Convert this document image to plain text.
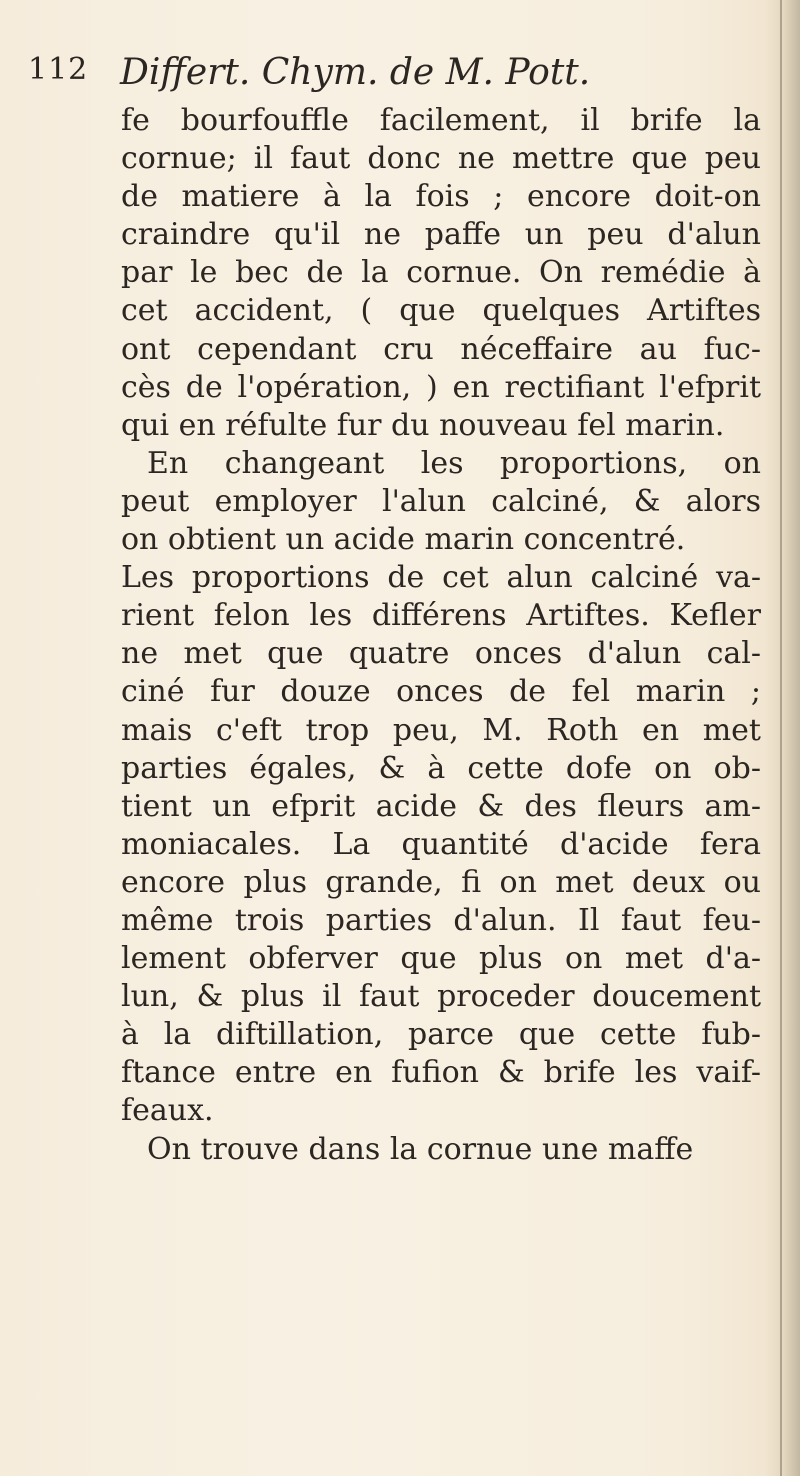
112 Differt. Chym. de M. Pott.
fe bourfouffle facilement, il brife la
cornue; il faut donc ne mettre que peu
de matiere à la fois ; encore doit-on
craindre qu'il ne paffe un peu d'alun
par le bec de la cornue. On remédie à
cet accident, ( que quelques Artiftes
ont cependant cru néceffaire au fuc-
cès de l'opération, ) en rectifiant l'efprit
qui en réfulte fur du nouveau fel marin.
En changeant les proportions, on
peut employer l'alun calciné, & alors
on obtient un acide marin concentré.
Les proportions de cet alun calciné va-
rient felon les différens Artiftes. Kefler
ne met que quatre onces d'alun cal-
ciné fur douze onces de fel marin ;
mais c'eft trop peu, M. Roth en met
parties égales, & à cette dofe on ob-
tient un efprit acide & des fleurs am-
moniacales. La quantité d'acide fera
encore plus grande, fi on met deux ou
même trois parties d'alun. Il faut feu-
lement obferver que plus on met d'a-
lun, & plus il faut proceder doucement
à la diftillation, parce que cette fub-
ftance entre en fufion & brife les vaif-
feaux.
On trouve dans la cornue une maffe
